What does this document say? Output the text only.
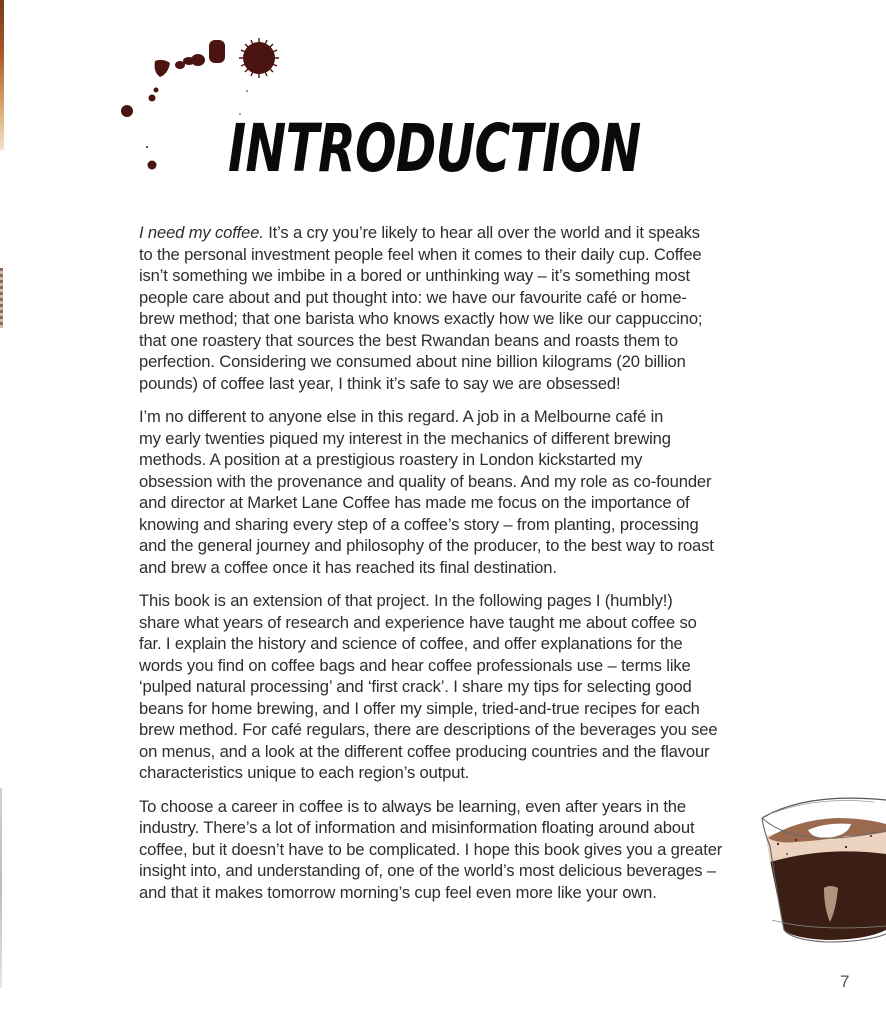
INTRODUCTION
I need my coffee. It’s a cry you’re likely to hear all over the world and it speaks
to the personal investment people feel when it comes to their daily cup. Coffee
isn’t something we imbibe in a bored or unthinking way – it’s something most
people care about and put thought into: we have our favourite café or home-
brew method; that one barista who knows exactly how we like our cappuccino;
that one roastery that sources the best Rwandan beans and roasts them to
perfection. Considering we consumed about nine billion kilograms (20 billion
pounds) of coffee last year, I think it’s safe to say we are obsessed!
I’m no different to anyone else in this regard. A job in a Melbourne café in
my early twenties piqued my interest in the mechanics of different brewing
methods. A position at a prestigious roastery in London kickstarted my
obsession with the provenance and quality of beans. And my role as co-founder
and director at Market Lane Coffee has made me focus on the importance of
knowing and sharing every step of a coffee’s story – from planting, processing
and the general journey and philosophy of the producer, to the best way to roast
and brew a coffee once it has reached its final destination.
This book is an extension of that project. In the following pages I (humbly!)
share what years of research and experience have taught me about coffee so
far. I explain the history and science of coffee, and offer explanations for the
words you find on coffee bags and hear coffee professionals use – terms like
‘pulped natural processing’ and ‘first crack’. I share my tips for selecting good
beans for home brewing, and I offer my simple, tried-and-true recipes for each
brew method. For café regulars, there are descriptions of the beverages you see
on menus, and a look at the different coffee producing countries and the flavour
characteristics unique to each region’s output.
To choose a career in coffee is to always be learning, even after years in the
industry. There’s a lot of information and misinformation floating around about
coffee, but it doesn’t have to be complicated. I hope this book gives you a greater
insight into, and understanding of, one of the world’s most delicious beverages –
and that it makes tomorrow morning’s cup feel even more like your own.
7
